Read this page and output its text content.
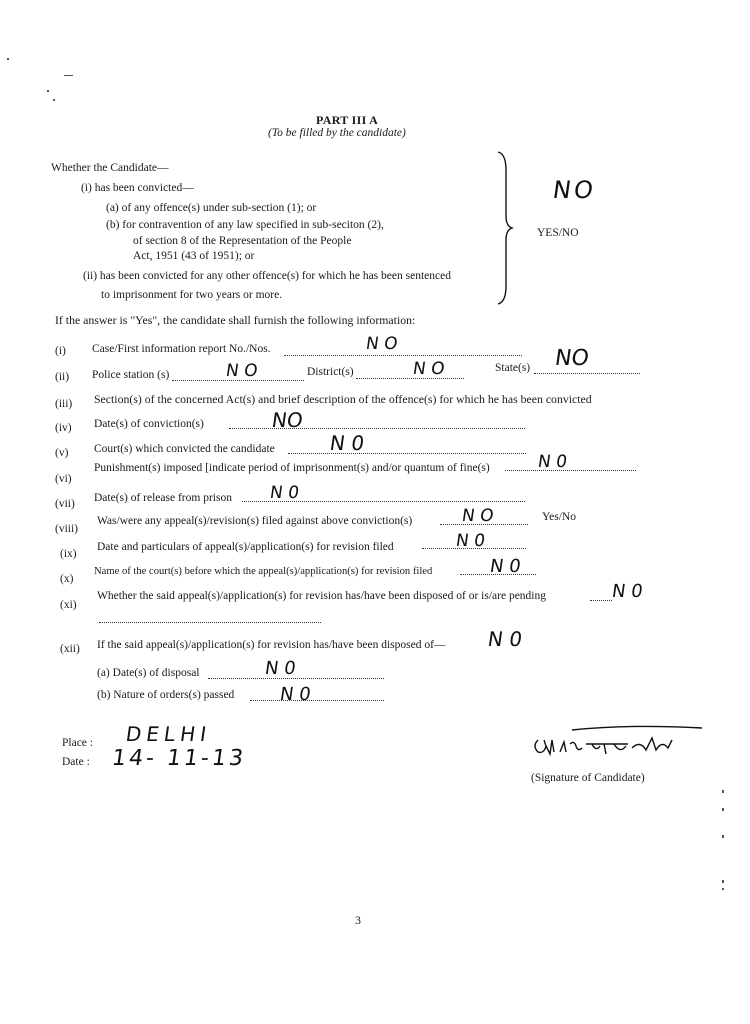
PART III A
(To be filled by the candidate)
Whether the Candidate—
(i) has been convicted—
(a) of any offence(s) under sub-section (1); or
(b) for contravention of any law specified in sub-seciton (2),
of section 8 of the Representation of the People
Act, 1951 (43 of 1951); or
(ii) has been convicted for any other offence(s) for which he has been sentenced
to imprisonment for two years or more.
NO
YES/NO
If the answer is "Yes", the candidate shall furnish the following information:
(i) Case/First information report No./Nos.	N O
(ii) Police station (s)	N O	District(s)	N O	State(s) NO
(iii) Section(s) of the concerned Act(s) and brief description of the offence(s) for which he has been convicted
(iv) Date(s) of conviction(s)	NO
(v) Court(s) which convicted the candidate	N 0
(vi)
Punishment(s) imposed [indicate period of imprisonment(s) and/or quantum of fine(s)	N 0
(vii) Date(s) of release from prison N 0
(viii)
Was/were any appeal(s)/revision(s) filed against above conviction(s)	N O	Yes/No
(ix)
Date and particulars of appeal(s)/application(s) for revision filed	N 0
(x)
Name of the court(s) before which the appeal(s)/application(s) for revision filed	N 0
(xi)
Whether the said appeal(s)/application(s) for revision has/have been disposed of or is/are pending	N 0
(xii) If the said appeal(s)/application(s) for revision has/have been disposed of— N 0
(a) Date(s) of disposal	N 0
(b) Nature of orders(s) passed N 0
Place : DELHI
Date : 14- 11-13
(Signature of Candidate)
3
